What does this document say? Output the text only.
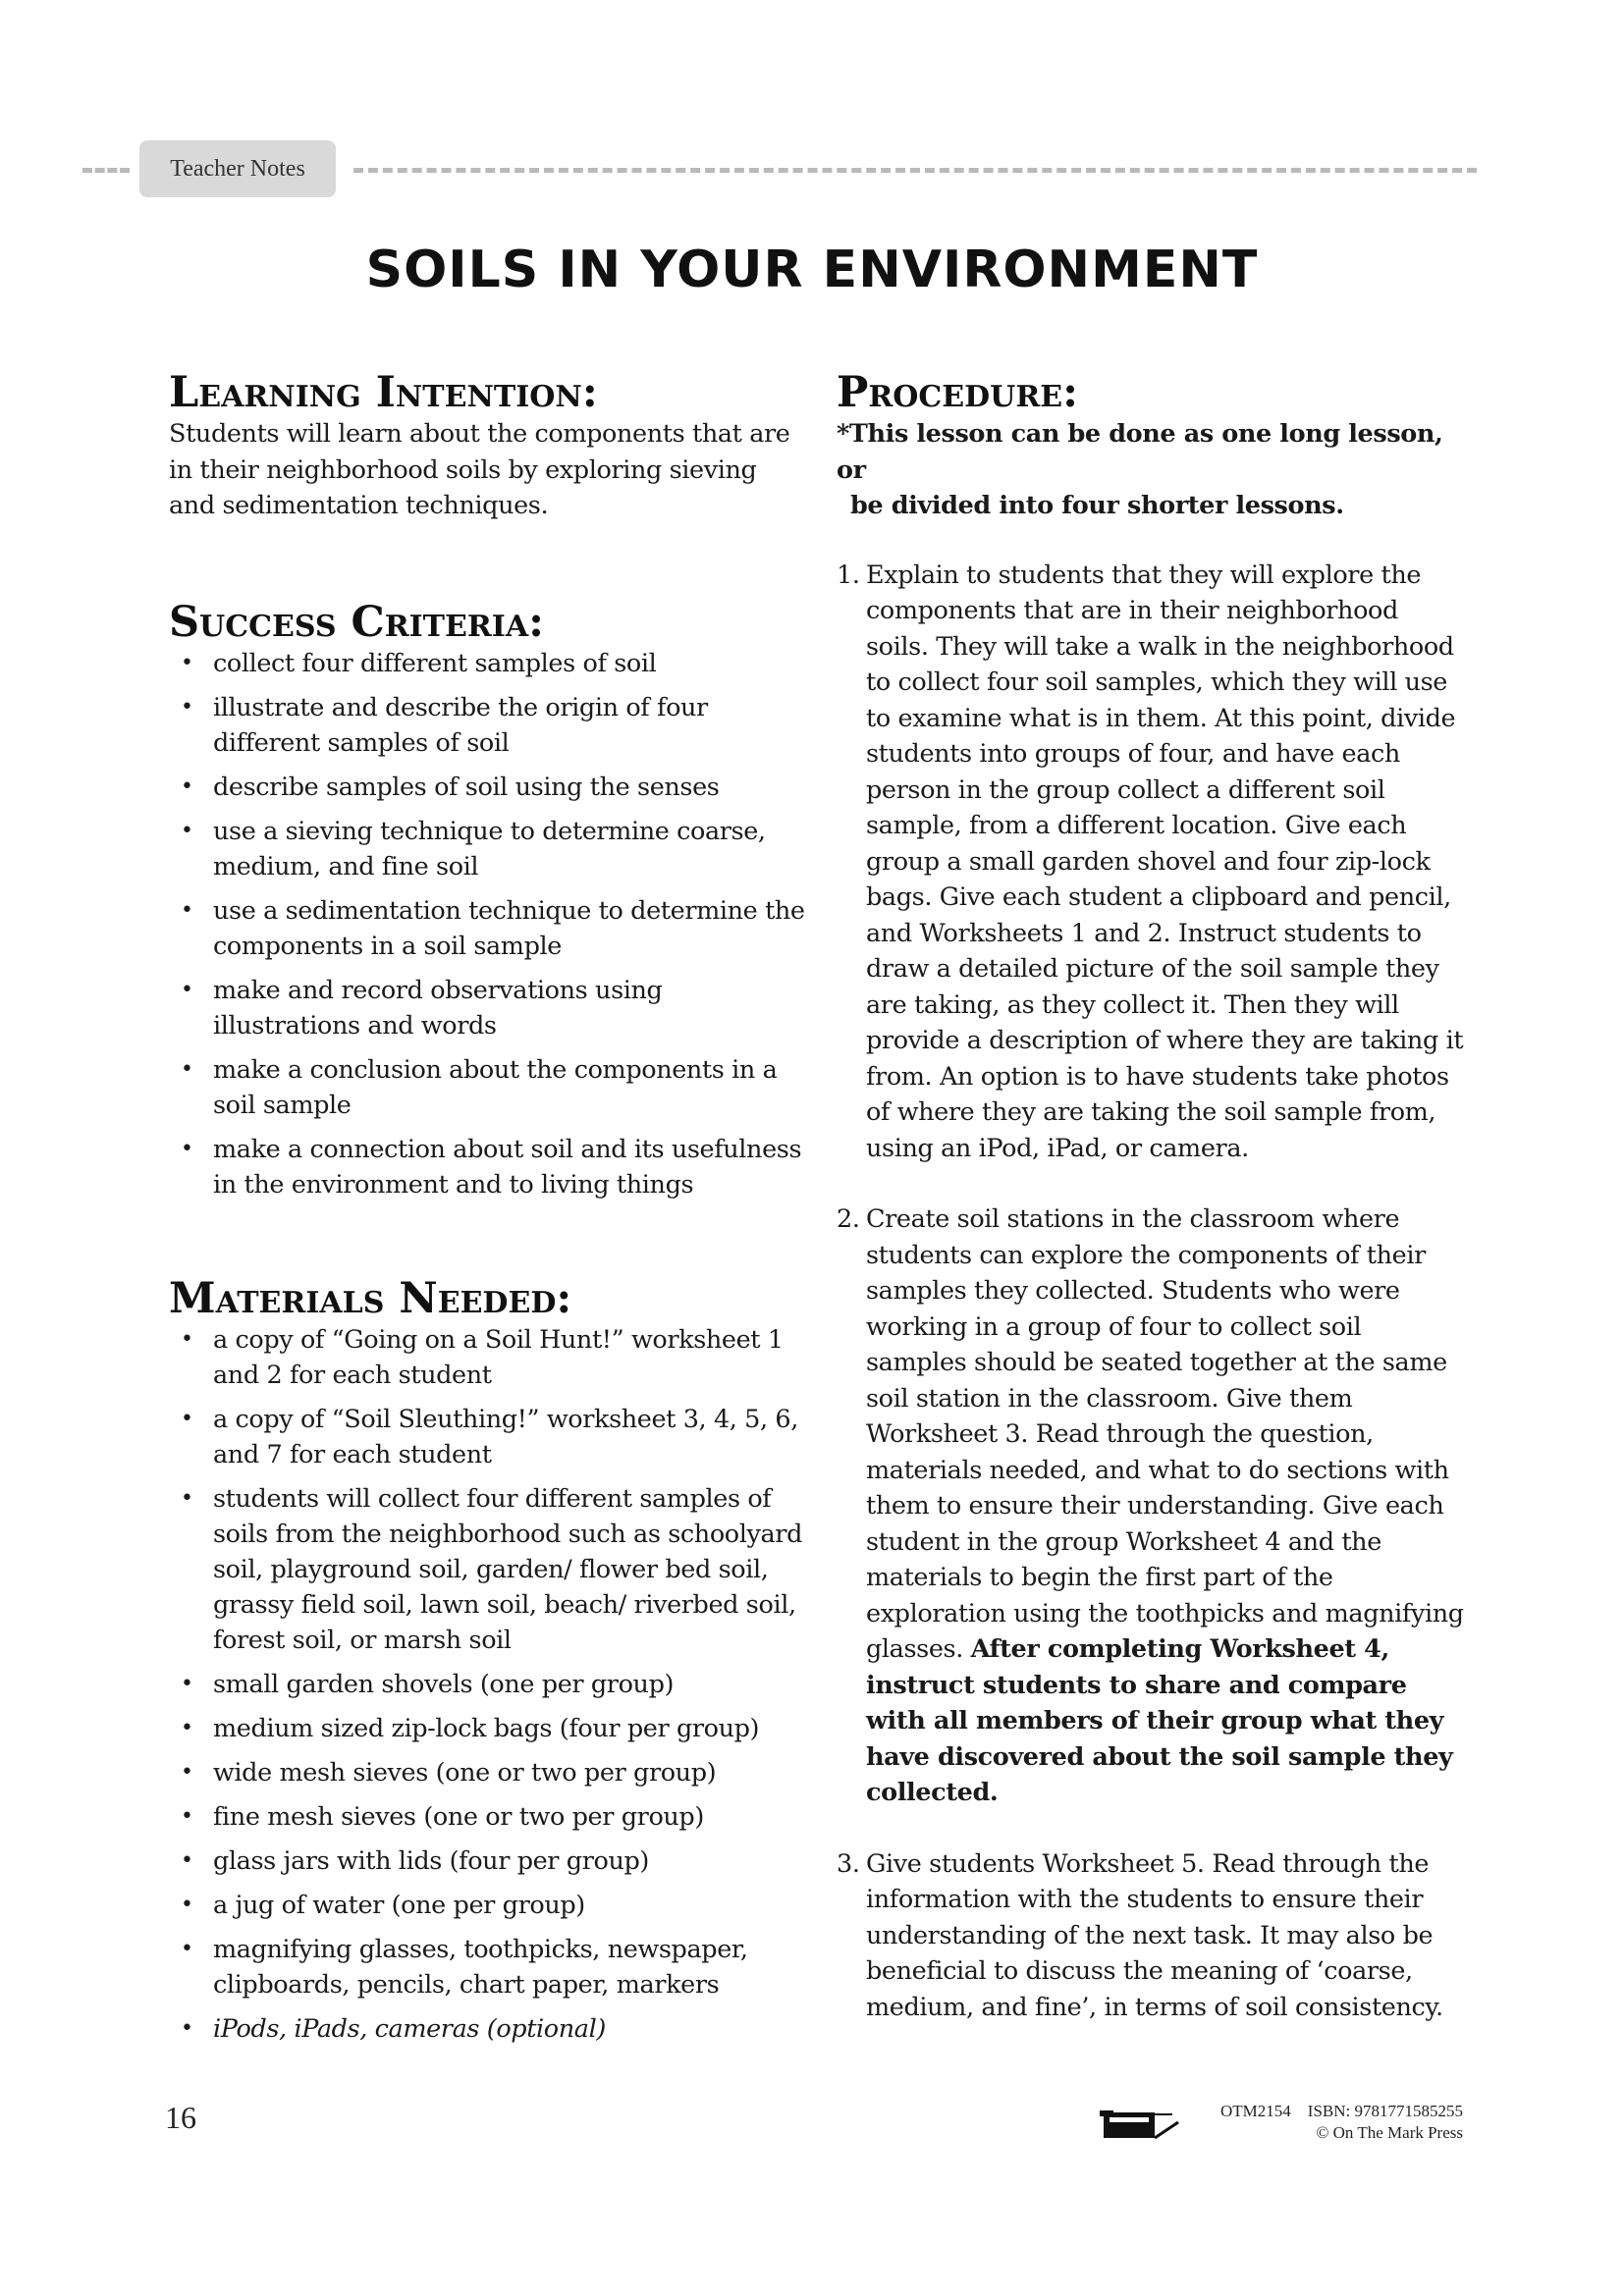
Teacher Notes
SOILS IN YOUR ENVIRONMENT
Learning Intention:

Students will learn about the components that are in their neighborhood soils by exploring sieving and sedimentation techniques.

Success Criteria:
• collect four different samples of soil
• illustrate and describe the origin of four different samples of soil
• describe samples of soil using the senses
• use a sieving technique to determine coarse, medium, and fine soil
• use a sedimentation technique to determine the components in a soil sample
• make and record observations using illustrations and words
• make a conclusion about the components in a soil sample
• make a connection about soil and its usefulness in the environment and to living things
Materials Needed:
• a copy of “Going on a Soil Hunt!” worksheet 1 and 2 for each student
• a copy of “Soil Sleuthing!” worksheet 3, 4, 5, 6, and 7 for each student
• students will collect four different samples of soils from the neighborhood such as schoolyard soil, playground soil, garden/ flower bed soil, grassy field soil, lawn soil, beach/ riverbed soil, forest soil, or marsh soil
• small garden shovels (one per group)
• medium sized zip-lock bags (four per group)
• wide mesh sieves (one or two per group)
• fine mesh sieves (one or two per group)
• glass jars with lids (four per group)
• a jug of water (one per group)
• magnifying glasses, toothpicks, newspaper, clipboards, pencils, chart paper, markers
• iPods, iPads, cameras (optional)
Procedure:

*This lesson can be done as one long lesson, or
be divided into four shorter lessons.

1. Explain to students that they will explore the components that are in their neighborhood soils. They will take a walk in the neighborhood to collect four soil samples, which they will use to examine what is in them. At this point, divide students into groups of four, and have each person in the group collect a different soil sample, from a different location. Give each group a small garden shovel and four zip-lock bags. Give each student a clipboard and pencil, and Worksheets 1 and 2. Instruct students to draw a detailed picture of the soil sample they are taking, as they collect it. Then they will provide a description of where they are taking it from. An option is to have students take photos of where they are taking the soil sample from, using an iPod, iPad, or camera.
2. Create soil stations in the classroom where students can explore the components of their samples they collected. Students who were working in a group of four to collect soil samples should be seated together at the same soil station in the classroom. Give them Worksheet 3. Read through the question, materials needed, and what to do sections with them to ensure their understanding. Give each student in the group Worksheet 4 and the materials to begin the first part of the exploration using the toothpicks and magnifying glasses. After completing Worksheet 4, instruct students to share and compare with all members of their group what they have discovered about the soil sample they collected.
3. Give students Worksheet 5. Read through the information with the students to ensure their understanding of the next task. It may also be beneficial to discuss the meaning of ‘coarse, medium, and fine’, in terms of soil consistency.
16	OTM2154 ISBN: 9781771585255
© On The Mark Press
